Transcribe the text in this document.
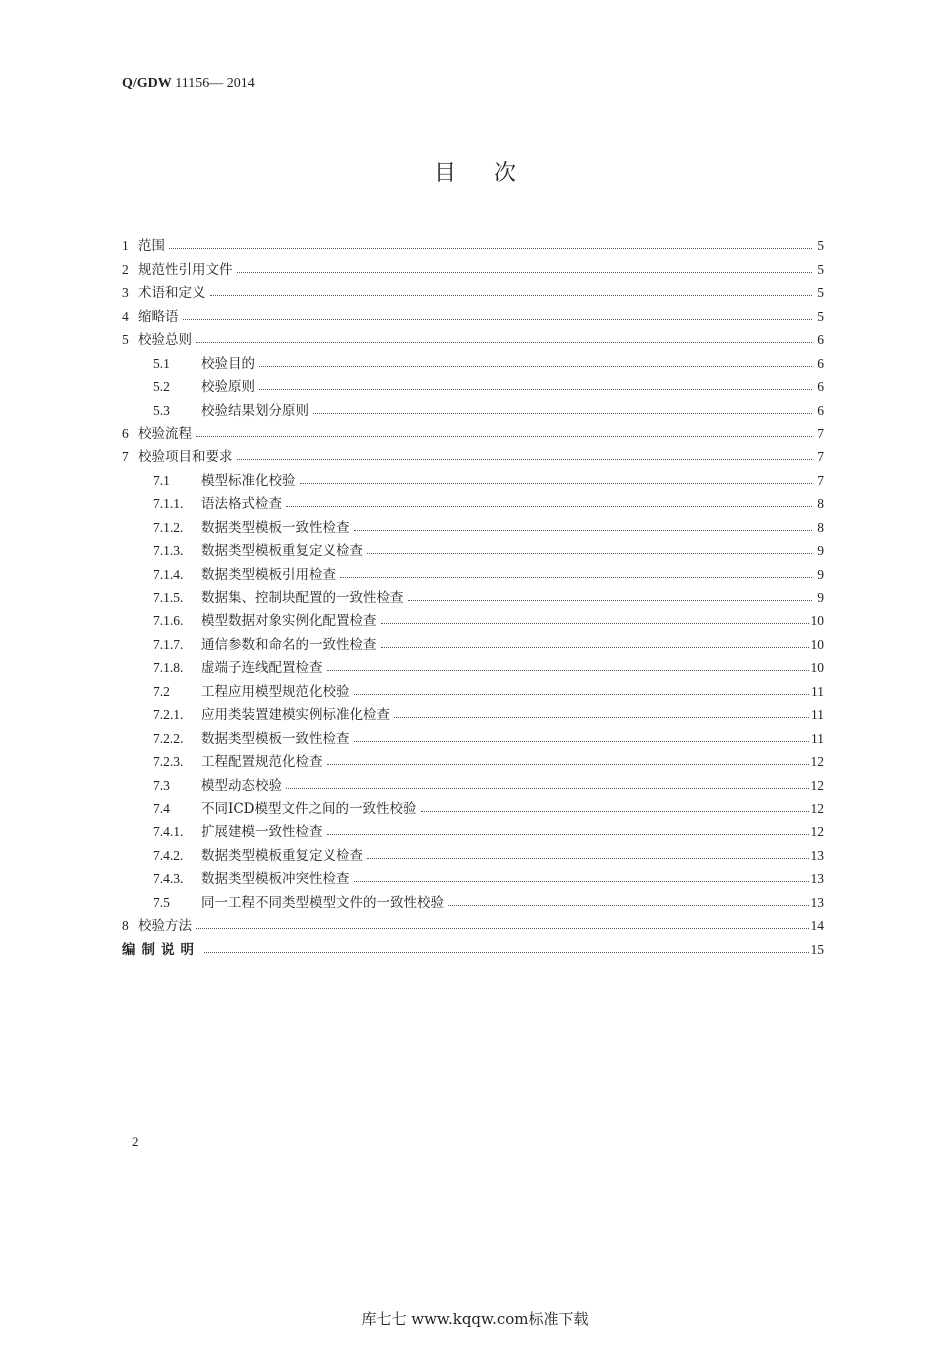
Q/GDW 11156— 2014
目次
1 范围	5
2 规范性引用文件	5
3 术语和定义	5
4 缩略语	5
5 校验总则	6
5.1	校验目的	6
5.2	校验原则	6
5.3	校验结果划分原则	6
6 校验流程	7
7 校验项目和要求	7
7.1	模型标准化校验	7
7.1.1.	语法格式检查	8
7.1.2.	数据类型模板一致性检查	8
7.1.3.	数据类型模板重复定义检查	9
7.1.4.	数据类型模板引用检查	9
7.1.5.	数据集、控制块配置的一致性检查	9
7.1.6.	模型数据对象实例化配置检查	10
7.1.7.	通信参数和命名的一致性检查	10
7.1.8.	虚端子连线配置检查	10
7.2	工程应用模型规范化校验	11
7.2.1.	应用类装置建模实例标准化检查	11
7.2.2.	数据类型模板一致性检查	11
7.2.3.	工程配置规范化检查	12
7.3	模型动态校验	12
7.4	不同ICD模型文件之间的一致性校验	12
7.4.1.	扩展建模一致性检查	12
7.4.2.	数据类型模板重复定义检查	13
7.4.3.	数据类型模板冲突性检查	13
7.5	同一工程不同类型模型文件的一致性校验	13
8 校验方法	14
编制说明	15
2
库七七 www.kqqw.com标准下载
